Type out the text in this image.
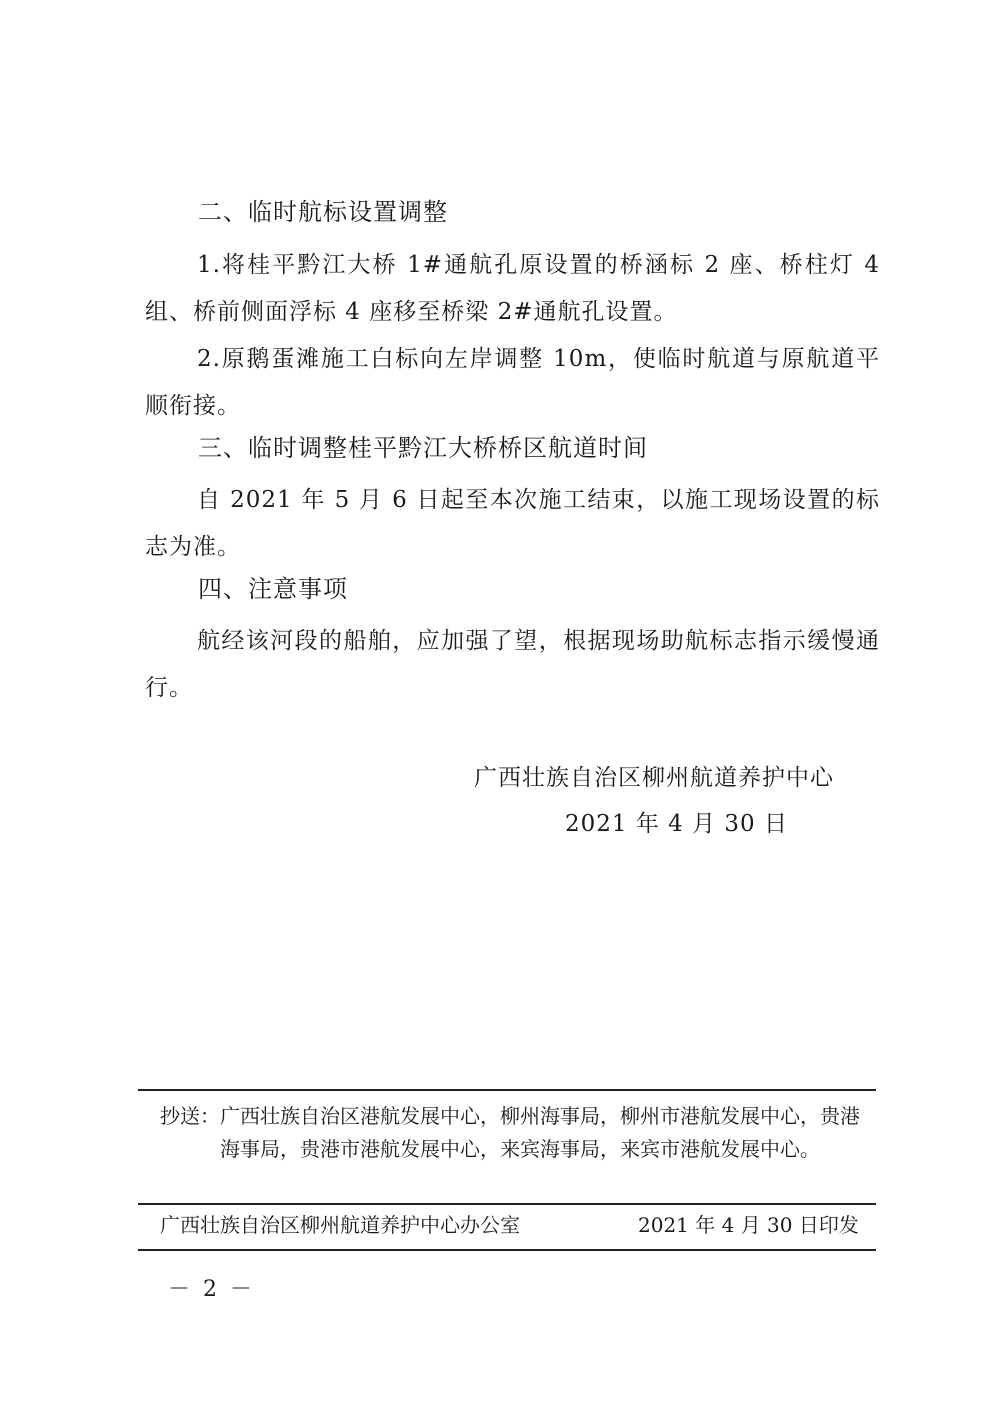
二、临时航标设置调整
1.将桂平黔江大桥 1#通航孔原设置的桥涵标 2 座、桥柱灯 4 组、桥前侧面浮标 4 座移至桥梁 2#通航孔设置。
2.原鹅蛋滩施工白标向左岸调整 10m，使临时航道与原航道平顺衔接。
三、临时调整桂平黔江大桥桥区航道时间
自 2021 年 5 月 6 日起至本次施工结束，以施工现场设置的标志为准。
四、注意事项
航经该河段的船舶，应加强了望，根据现场助航标志指示缓慢通行。
广西壮族自治区柳州航道养护中心
2021 年 4 月 30 日
抄送： 广西壮族自治区港航发展中心，柳州海事局，柳州市港航发展中心，贵港海事局，贵港市港航发展中心，来宾海事局，来宾市港航发展中心。
广西壮族自治区柳州航道养护中心办公室	2021 年 4 月 30 日印发
－ 2 －
